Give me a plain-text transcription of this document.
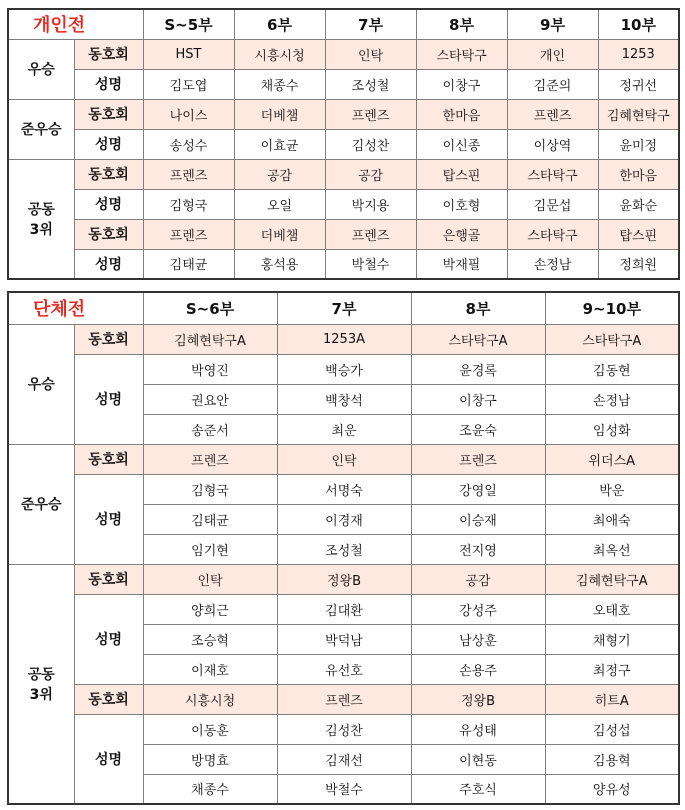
개인전		S~5부	6부	7부	8부	9부	10부
우승	동호회	HST	시흥시청	인탁	스타탁구	개인	1253
	성명	김도엽	채종수	조성철	이창구	김준의	정귀선
준우승	동호회	나이스	더베챔	프렌즈	한마음	프렌즈	김혜현탁구
	성명	송성수	이효균	김성찬	이신종	이상역	윤미정
공동
3위	동호회	프렌즈	공감	공감	탑스핀	스타탁구	한마음
	성명	김형국	오일	박지용	이호형	김문섭	윤화순
	동호회	프렌즈	더베챔	프렌즈	은행골	스타탁구	탑스핀
	성명	김태균	홍석용	박철수	박재필	손정남	정희원
단체전		S~6부	7부	8부	9~10부
우승	동호회	김혜현탁구A	1253A	스타탁구A	스타탁구A
	성명	박영진	백승가	윤경록	김동현
		권요안	백창석	이창구	손정남
		송준서	최운	조윤숙	임성화
준우승	동호회	프렌즈	인탁	프렌즈	위더스A
	성명	김형국	서명숙	강영일	박운
		김태균	이경재	이승재	최애숙
		임기현	조성철	전지영	최옥선
공동
3위	동호회	인탁	정왕B	공감	김혜현탁구A
	성명	양희근	김대환	강성주	오태호
		조승혁	박덕남	남상훈	채형기
		이재호	유선호	손용주	최정구
	동호회	시흥시청	프렌즈	정왕B	히트A
	성명	이동훈	김성찬	유성태	김성섭
		방명효	김재선	이현동	김용혁
		채종수	박철수	주호식	양유성
